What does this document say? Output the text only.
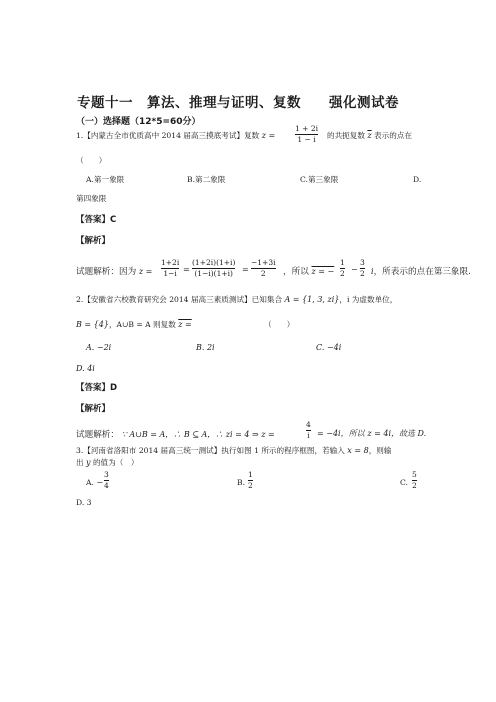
专题十一　算法、推理与证明、复数　　强化测试卷
（一）选择题（12*5=60分）
1.【内蒙古全市优质高中 2014 届高三摸底考试】复数 z =
1 + 2i
1 − i 的共扼复数 $\overline{z}$ 表示的点在
（　　）
A.第一象限	B.第二象限	C.第三象限	D.
第四象限
【答案】C
【解析】
试题解析：因为 z =
1+2i
1−i =
(1+2i)(1+i)
(1−i)(1+i) =
−1+3i
2 ，所以 z = −
1
2 −
3
2 i，所表示的点在第三象限.
2.【安徽省六校教育研究会 2014 届高三素质测试】已知集合 A = {1, 3, zi}，i 为虚数单位，
B = {4}，A∪B = A 则复数 z =	（　　）
A. −2i	B. 2i	C. −4i
D. 4i
【答案】D
【解析】
试题解析： ∵ A∪B = A，∴ B ⊆ A，∴ zi = 4 ⇒ z =
4
i = −4i，所以 z = 4i，故选 D.
3.【河南省洛阳市 2014 届高三统一测试】执行如图 1 所示的程序框图，若输入 x = 8，则输
出 y 的值为（　）
A. −
3
4	B.
1
2	C.
5
2
D. 3
